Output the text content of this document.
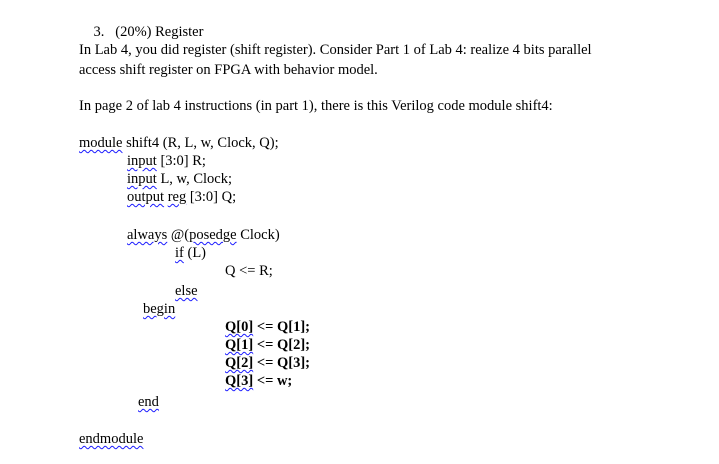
3. (20%) Register

In Lab 4, you did register (shift register). Consider Part 1 of Lab 4: realize 4 bits parallel
access shift register on FPGA with behavior model.
In page 2 of lab 4 instructions (in part 1), there is this Verilog code module shift4:
module shift4 (R, L, w, Clock, Q);
input [3:0] R;
input L, w, Clock;
output reg [3:0] Q;
always @(posedge Clock)
if (L)
Q <= R;
else
begin
Q[0] <= Q[1];
Q[1] <= Q[2];
Q[2] <= Q[3];
Q[3] <= w;
end
endmodule
